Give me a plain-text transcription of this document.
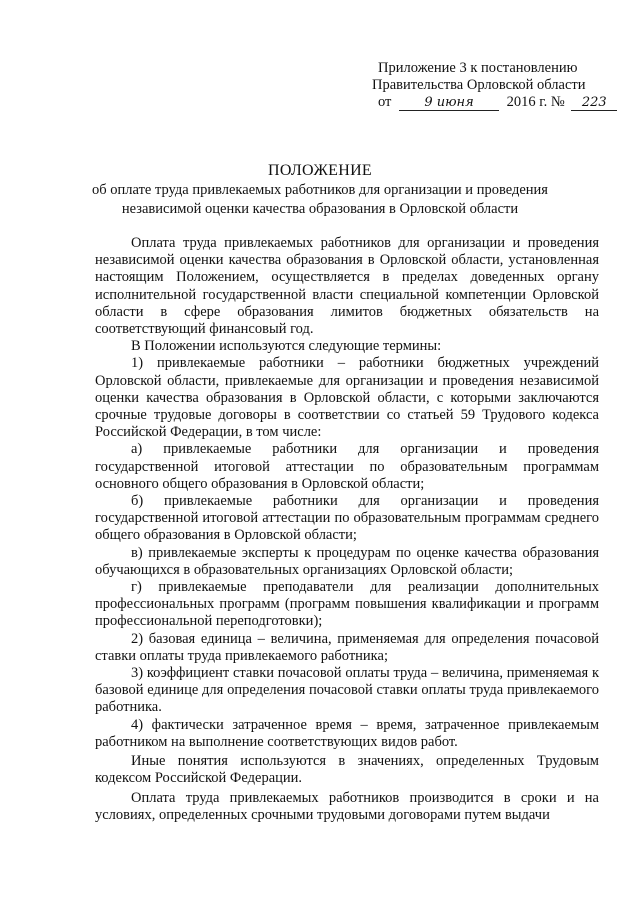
Приложение 3 к постановлению
Правительства Орловской области
от	9 июня 2016 г. № 223
ПОЛОЖЕНИЕ
об оплате труда привлекаемых работников для организации и проведения
независимой оценки качества образования в Орловской области

Оплата труда привлекаемых работников для организации и проведения независимой оценки качества образования в Орловской области, установленная настоящим Положением, осуществляется в пределах доведенных органу исполнительной государственной власти специальной компетенции Орловской области в сфере образования лимитов бюджетных обязательств на соответствующий финансовый год.

В Положении используются следующие термины:

1) привлекаемые работники – работники бюджетных учреждений Орловской области, привлекаемые для организации и проведения независимой оценки качества образования в Орловской области, с которыми заключаются срочные трудовые договоры в соответствии со статьей 59 Трудового кодекса Российской Федерации, в том числе:

а) привлекаемые работники для организации и проведения государственной итоговой аттестации по образовательным программам основного общего образования в Орловской области;

б) привлекаемые работники для организации и проведения государственной итоговой аттестации по образовательным программам среднего общего образования в Орловской области;

в) привлекаемые эксперты к процедурам по оценке качества образования обучающихся в образовательных организациях Орловской области;

г) привлекаемые преподаватели для реализации дополнительных профессиональных программ (программ повышения квалификации и программ профессиональной переподготовки);

2) базовая единица – величина, применяемая для определения почасовой ставки оплаты труда привлекаемого работника;

3) коэффициент ставки почасовой оплаты труда – величина, применяемая к базовой единице для определения почасовой ставки оплаты труда привлекаемого работника.

4) фактически затраченное время – время, затраченное привлекаемым работником на выполнение соответствующих видов работ.

Иные понятия используются в значениях, определенных Трудовым кодексом Российской Федерации.

Оплата труда привлекаемых работников производится в сроки и на условиях, определенных срочными трудовыми договорами путем выдачи
